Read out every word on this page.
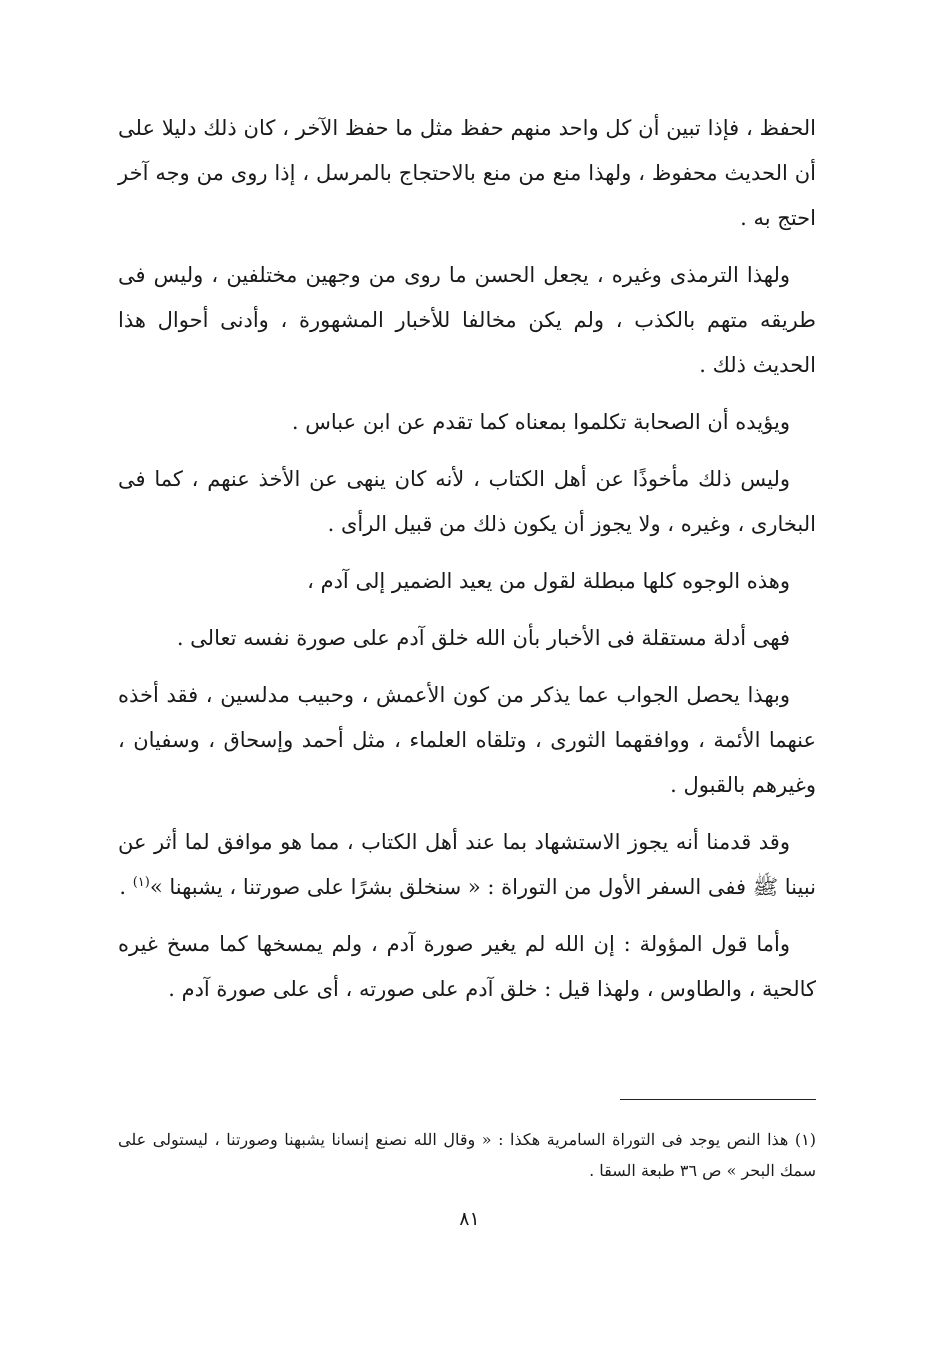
الحفظ ، فإذا تبين أن كل واحد منهم حفظ مثل ما حفظ الآخر ، كان ذلك دليلا على أن الحديث محفوظ ، ولهذا منع من منع بالاحتجاج بالمرسل ، إذا روى من وجه آخر احتج به .

ولهذا الترمذى وغيره ، يجعل الحسن ما روى من وجهين مختلفين ، وليس فى طريقه متهم بالكذب ، ولم يكن مخالفا للأخبار المشهورة ، وأدنى أحوال هذا الحديث ذلك .

ويؤيده أن الصحابة تكلموا بمعناه كما تقدم عن ابن عباس .

وليس ذلك مأخوذًا عن أهل الكتاب ، لأنه كان ينهى عن الأخذ عنهم ، كما فى البخارى ، وغيره ، ولا يجوز أن يكون ذلك من قبيل الرأى .

وهذه الوجوه كلها مبطلة لقول من يعيد الضمير إلى آدم ،

فهى أدلة مستقلة فى الأخبار بأن الله خلق آدم على صورة نفسه تعالى .

وبهذا يحصل الجواب عما يذكر من كون الأعمش ، وحبيب مدلسين ، فقد أخذه عنهما الأئمة ، ووافقهما الثورى ، وتلقاه العلماء ، مثل أحمد وإسحاق ، وسفيان ، وغيرهم بالقبول .

وقد قدمنا أنه يجوز الاستشهاد بما عند أهل الكتاب ، مما هو موافق لما أثر عن نبينا ﷺ ففى السفر الأول من التوراة : « سنخلق بشرًا على صورتنا ، يشبهنا »$^{(١)}$ .

وأما قول المؤولة : إن الله لم يغير صورة آدم ، ولم يمسخها كما مسخ غيره كالحية ، والطاوس ، ولهذا قيل : خلق آدم على صورته ، أى على صورة آدم .

(١) هذا النص يوجد فى التوراة السامرية هكذا : « وقال الله نصنع إنسانا يشبهنا وصورتنا ، ليستولى على سمك البحر » ص ٣٦ طبعة السقا .

٨١
